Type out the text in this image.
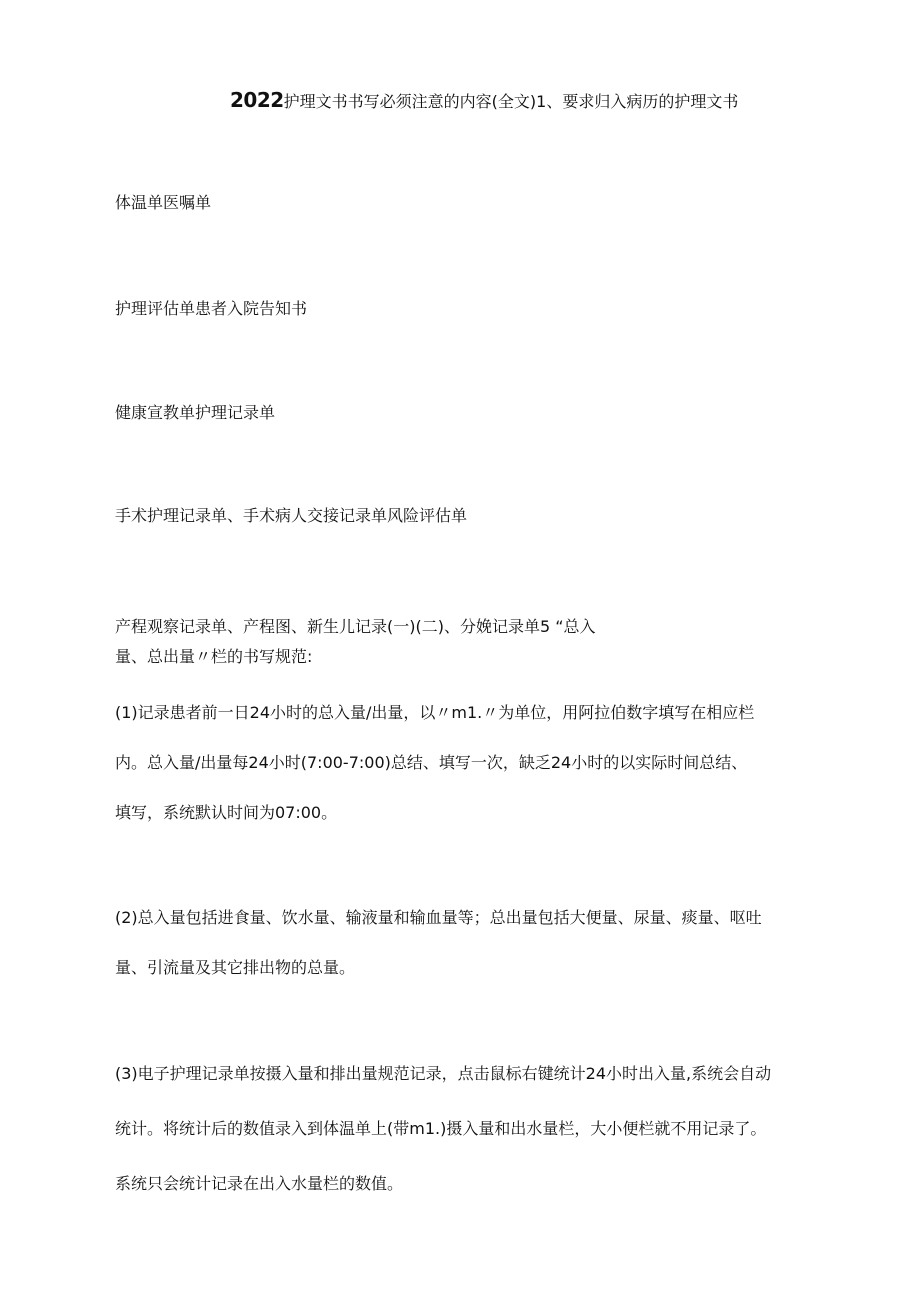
2022护理文书书写必须注意的内容(全文)1、要求归入病历的护理文书
体温单医嘱单
护理评估单患者入院告知书
健康宣教单护理记录单
手术护理记录单、手术病人交接记录单风险评估单
产程观察记录单、产程图、新生儿记录(一)(二)、分娩记录单5 “总入
量、总出量〃栏的书写规范:
(1)记录患者前一日24小时的总入量/出量，以〃m1.〃为单位，用阿拉伯数字填写在相应栏
内。总入量/出量每24小时(7:00-7:00)总结、填写一次，缺乏24小时的以实际时间总结、
填写，系统默认时间为07:00。
(2)总入量包括进食量、饮水量、输液量和输血量等；总出量包括大便量、尿量、痰量、呕吐
量、引流量及其它排出物的总量。
(3)电子护理记录单按摄入量和排出量规范记录，点击鼠标右键统计24小时出入量,系统会自动
统计。将统计后的数值录入到体温单上(带m1.)摄入量和出水量栏，大小便栏就不用记录了。
系统只会统计记录在出入水量栏的数值。
